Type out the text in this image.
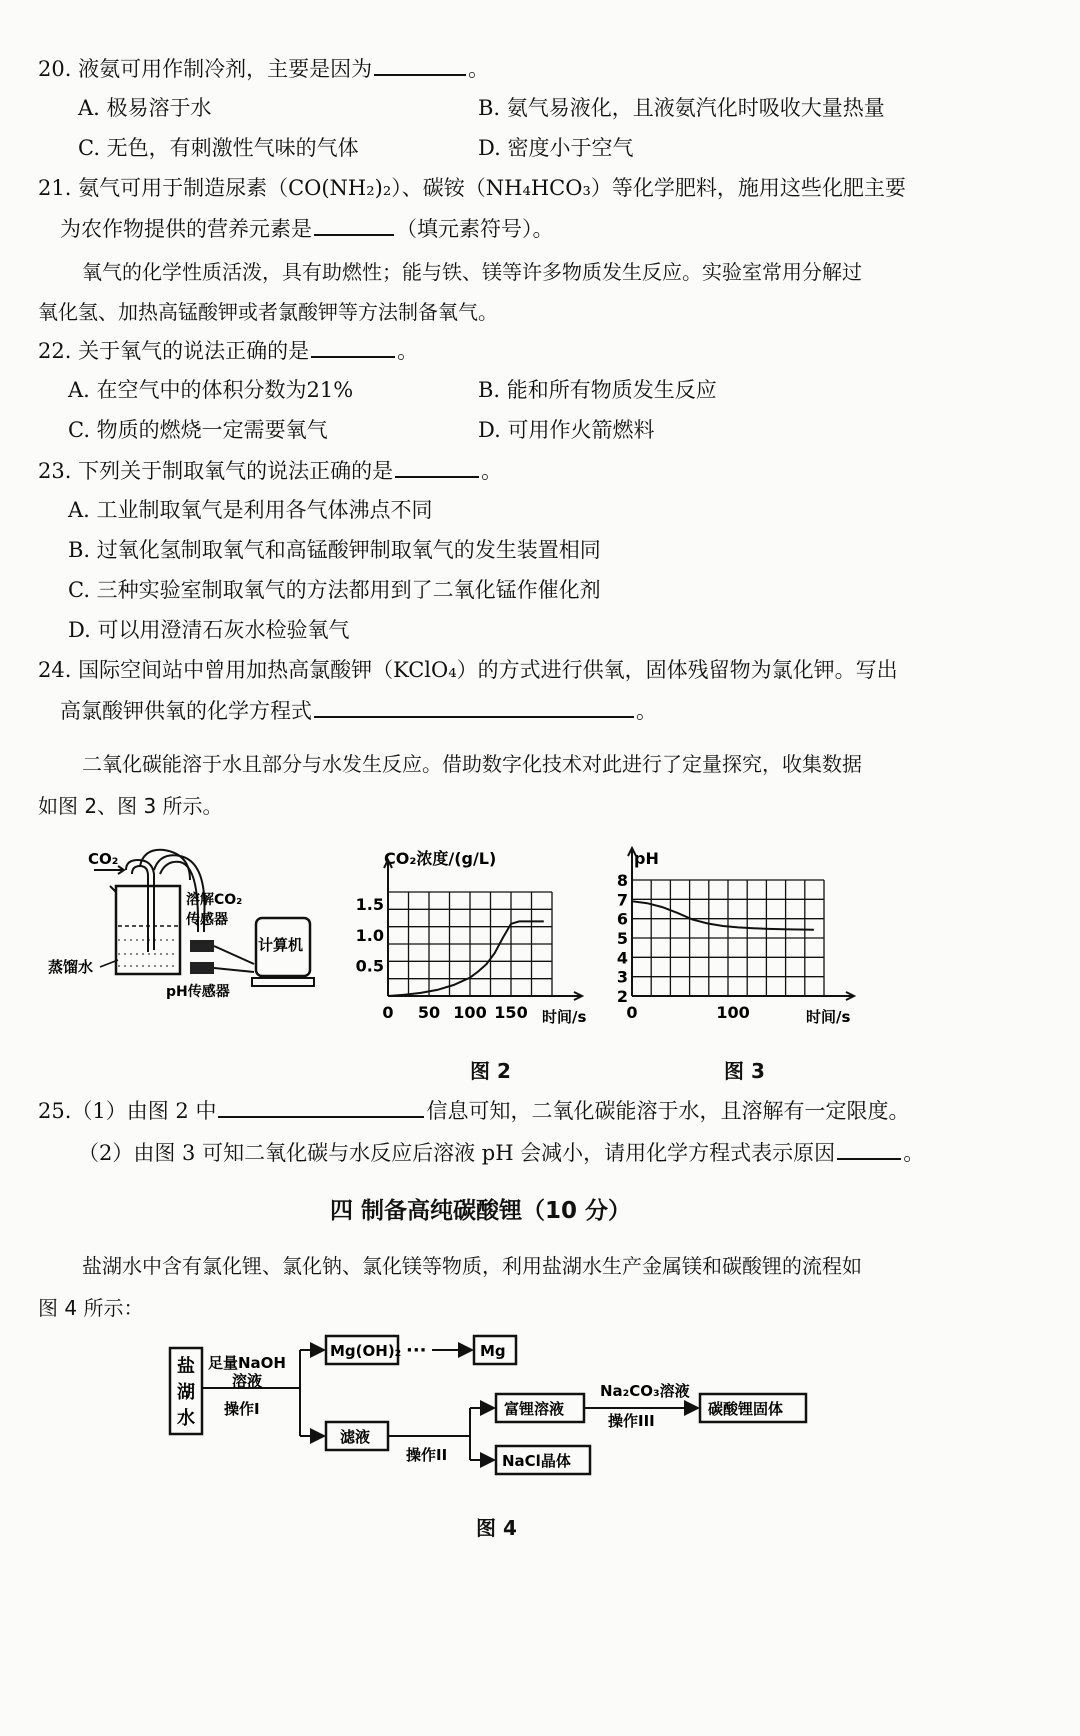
20. 液氨可用作制冷剂，主要是因为	。
A. 极易溶于水	B. 氨气易液化，且液氨汽化时吸收大量热量
C. 无色，有刺激性气味的气体	D. 密度小于空气
21. 氨气可用于制造尿素（CO(NH₂)₂）、碳铵（NH₄HCO₃）等化学肥料，施用这些化肥主要
为农作物提供的营养元素是	（填元素符号）。
氧气的化学性质活泼，具有助燃性；能与铁、镁等许多物质发生反应。实验室常用分解过
氧化氢、加热高锰酸钾或者氯酸钾等方法制备氧气。
22. 关于氧气的说法正确的是	。
A. 在空气中的体积分数为21%	B. 能和所有物质发生反应
C. 物质的燃烧一定需要氧气	D. 可用作火箭燃料
23. 下列关于制取氧气的说法正确的是	。
A. 工业制取氧气是利用各气体沸点不同
B. 过氧化氢制取氧气和高锰酸钾制取氧气的发生装置相同
C. 三种实验室制取氧气的方法都用到了二氧化锰作催化剂
D. 可以用澄清石灰水检验氧气
24. 国际空间站中曾用加热高氯酸钾（KClO₄）的方式进行供氧，固体残留物为氯化钾。写出
高氯酸钾供氧的化学方程式	。
二氧化碳能溶于水且部分与水发生反应。借助数字化技术对此进行了定量探究，收集数据
如图 2、图 3 所示。
CO₂
蒸馏水
溶解CO₂
传感器
pH传感器
计算机
CO₂浓度/(g/L)
时间/s
0 50 100 150
0.5
1.0
1.5
pH
时间/s
0	100
2
3
4
5
6
7
8
图 2	图 3
25.（1）由图 2 中	信息可知，二氧化碳能溶于水，且溶解有一定限度。
（2）由图 3 可知二氧化碳与水反应后溶液 pH 会减小，请用化学方程式表示原因	。
四 制备高纯碳酸锂（10 分）
盐湖水中含有氯化锂、氯化钠、氯化镁等物质，利用盐湖水生产金属镁和碳酸锂的流程如
图 4 所示：
盐
湖
水
足量NaOH
溶液
操作I
Mg(OH)₂ ···	Mg
滤液
操作II
富锂溶液
NaCl晶体
Na₂CO₃溶液
操作III
碳酸锂固体
图 4
